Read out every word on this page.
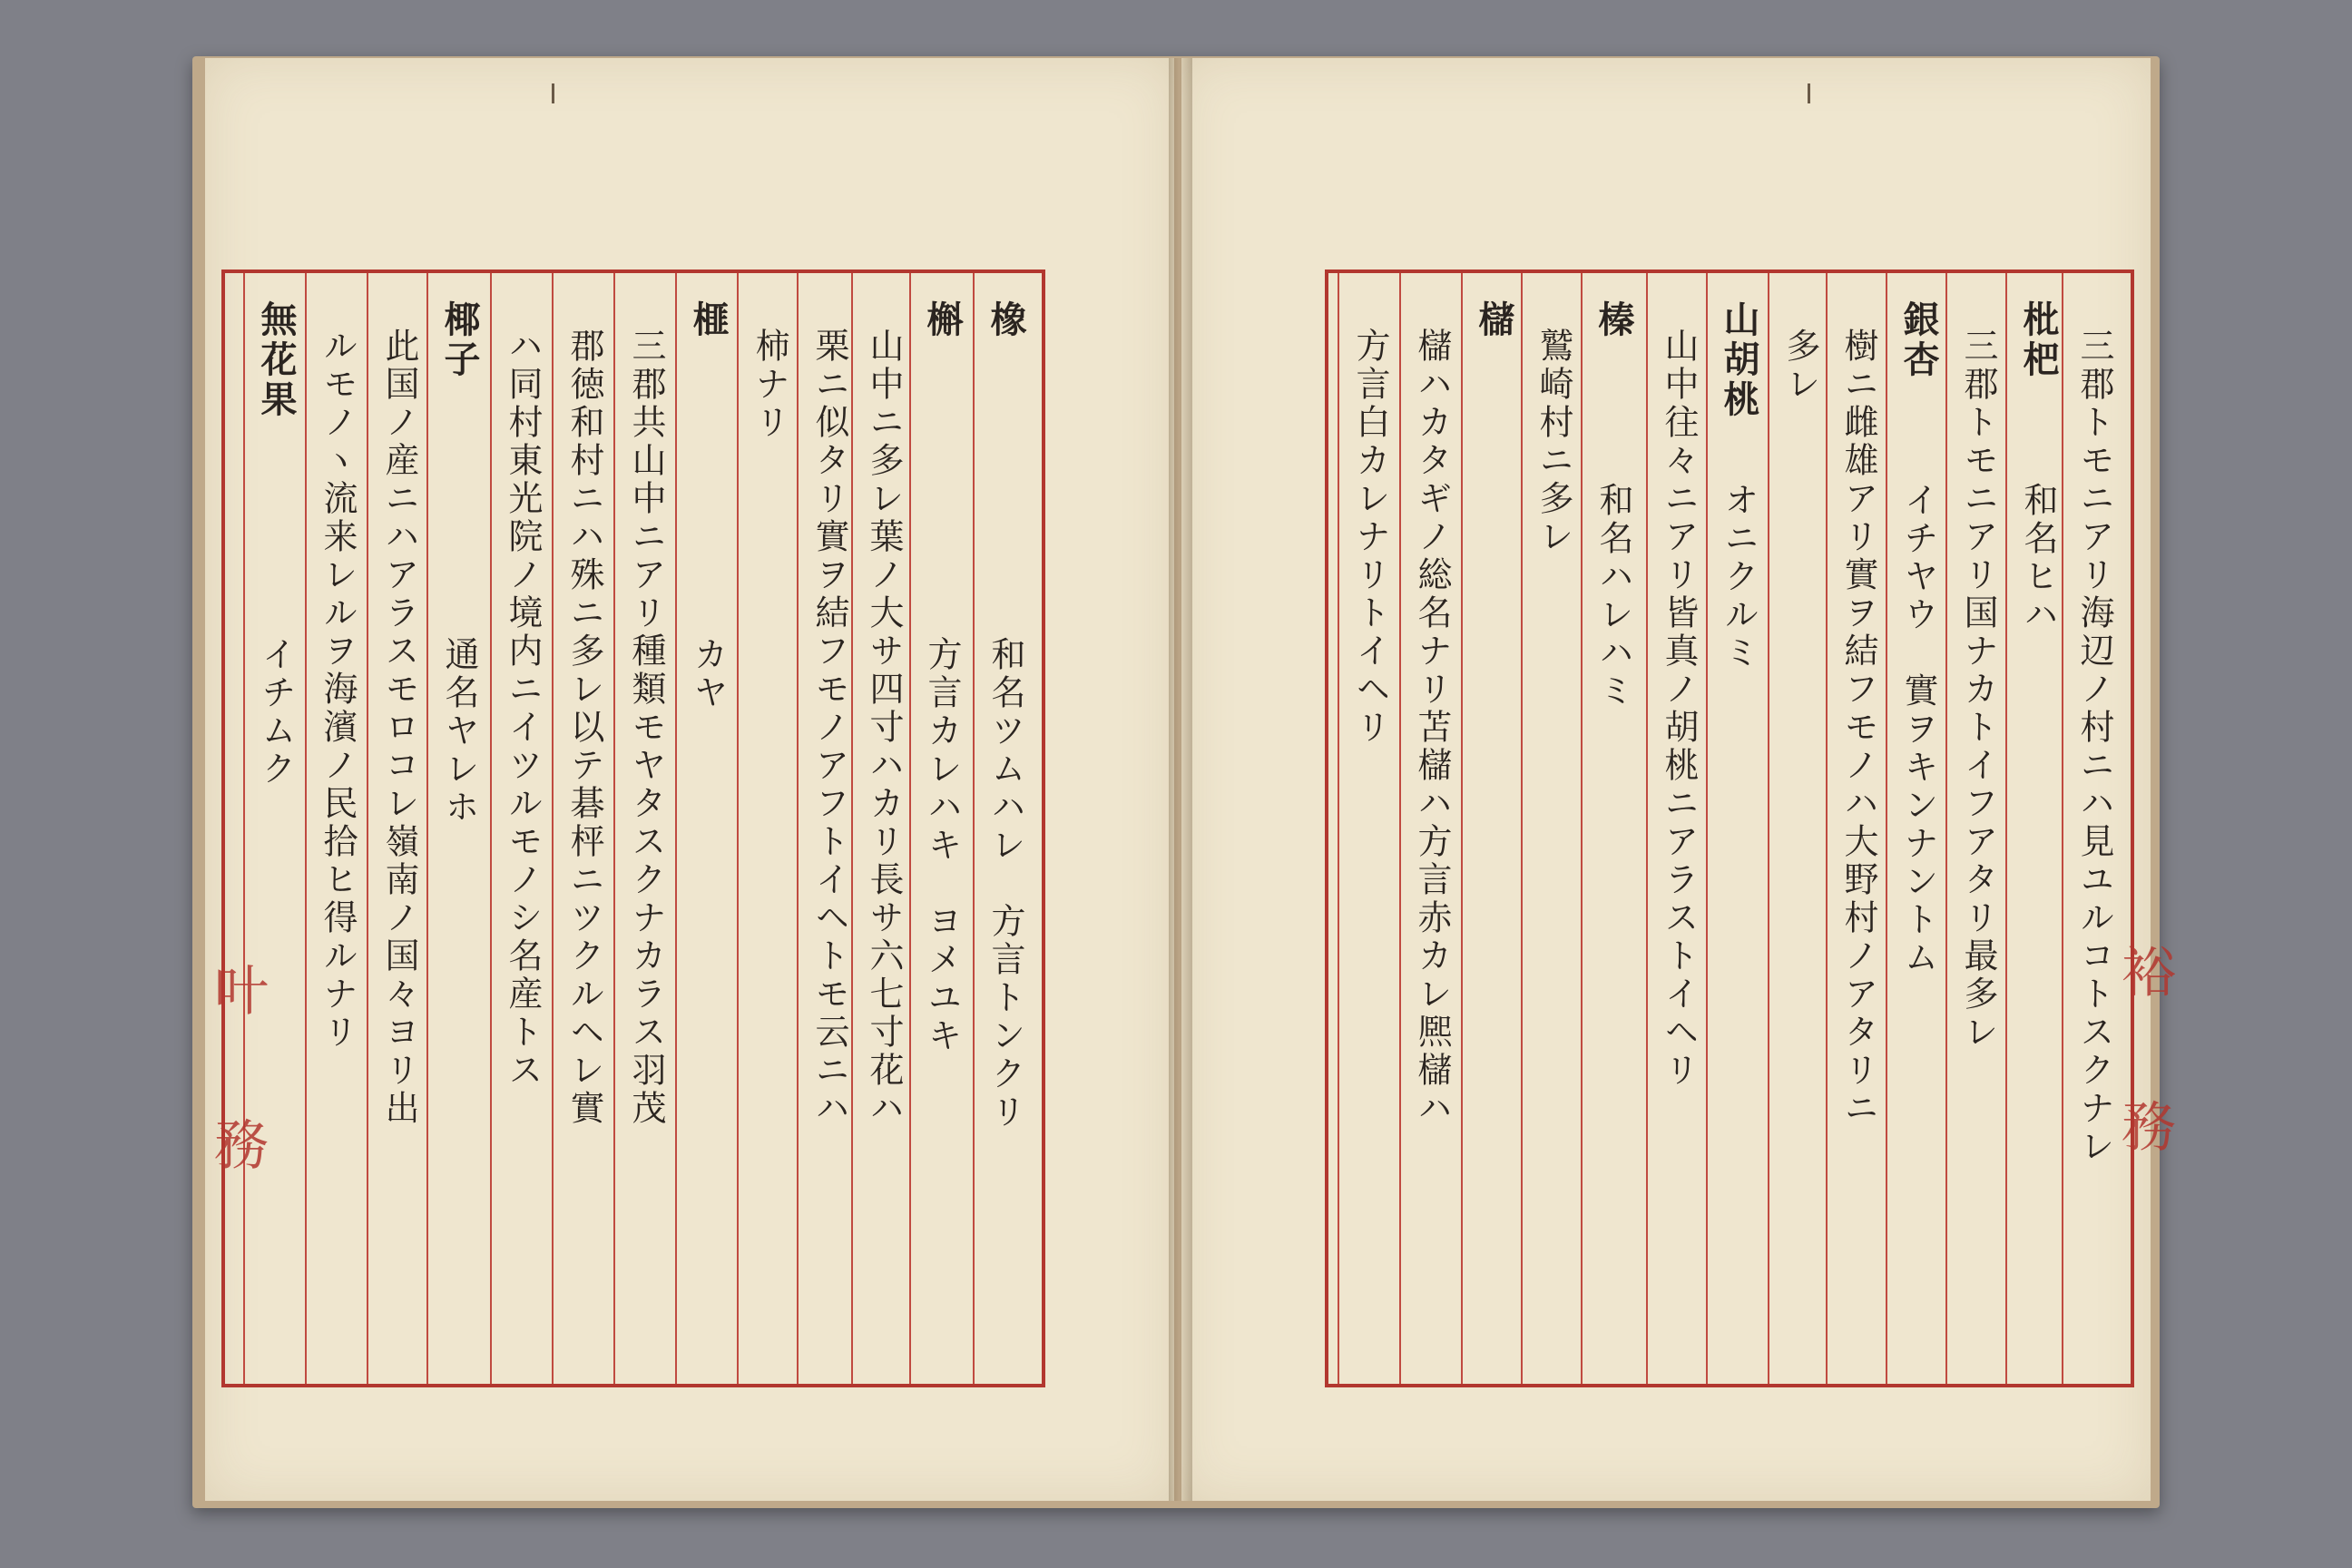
橡
和名ツムハレ　方言トンクリ
槲
方言カレハキ　ヨメユキ
山中ニ多レ葉ノ大サ四寸ハカリ長サ六七寸花ハ
栗ニ似タリ實ヲ結フモノアフトイヘトモ云ニハ
柿ナリ
榧
カヤ
三郡共山中ニアリ種類モヤタスクナカラス羽茂
郡徳和村ニハ殊ニ多レ以テ碁枰ニツクルヘレ實
ハ同村東光院ノ境内ニイツルモノシ名産トス
椰子
通名ヤレホ
此国ノ産ニハアラスモロコレ嶺南ノ国々ヨリ出
ルモノヽ流来レルヲ海濱ノ民拾ヒ得ルナリ
無花果
イチムク	三郡トモニアリ海辺ノ村ニハ見ユルコトスクナレ
枇杷
和名ヒハ
三郡トモニアリ国ナカトイフアタリ最多レ
銀杏
イチヤウ　實ヲキンナントム
樹ニ雌雄アリ實ヲ結フモノハ大野村ノアタリニ
多レ
山胡桃
オニクルミ
山中往々ニアリ皆真ノ胡桃ニアラストイヘリ
榛
和名ハレハミ
鷲崎村ニ多レ
櫧
櫧ハカタギノ総名ナリ苫櫧ハ方言赤カレ熈櫧ハ
方言白カレナリトイヘリ
叶 務	裕 務
